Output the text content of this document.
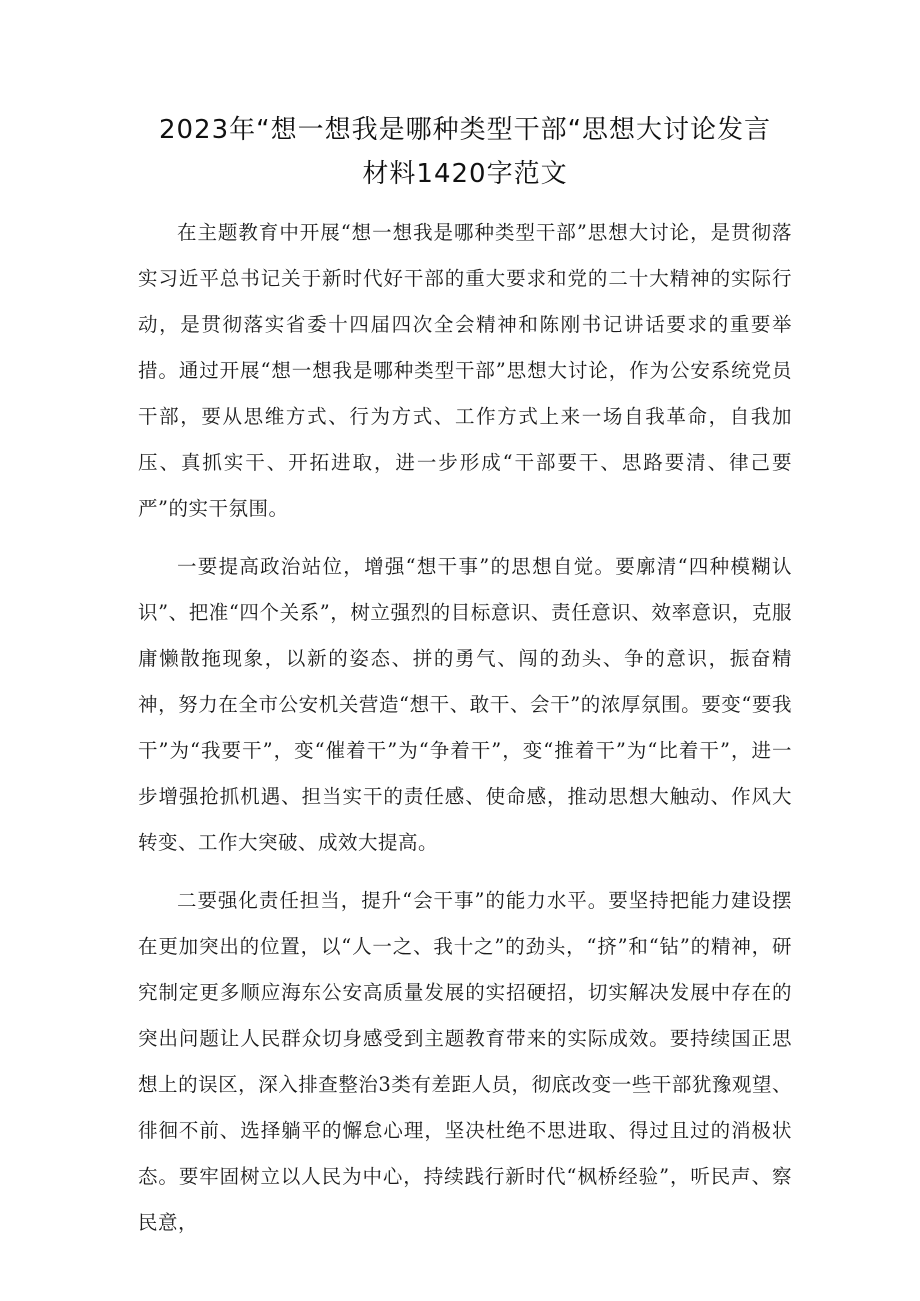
2023年“想一想我是哪种类型干部“思想大讨论发言
材料1420字范文

在主题教育中开展“想一想我是哪种类型干部”思想大讨论，是贯彻落实习近平总书记关于新时代好干部的重大要求和党的二十大精神的实际行动，是贯彻落实省委十四届四次全会精神和陈刚书记讲话要求的重要举措。通过开展“想一想我是哪种类型干部”思想大讨论，作为公安系统党员干部，要从思维方式、行为方式、工作方式上来一场自我革命，自我加压、真抓实干、开拓进取，进一步形成“干部要干、思路要清、律己要严”的实干氛围。

一要提高政治站位，增强“想干事”的思想自觉。要廓清“四种模糊认识”、把准“四个关系”，树立强烈的目标意识、责任意识、效率意识，克服庸懒散拖现象，以新的姿态、拼的勇气、闯的劲头、争的意识，振奋精神，努力在全市公安机关营造“想干、敢干、会干”的浓厚氛围。要变“要我干”为“我要干”，变“催着干”为“争着干”，变“推着干”为“比着干”，进一步增强抢抓机遇、担当实干的责任感、使命感，推动思想大触动、作风大转变、工作大突破、成效大提高。

二要强化责任担当，提升“会干事”的能力水平。要坚持把能力建设摆在更加突出的位置，以“人一之、我十之”的劲头，“挤”和“钻”的精神，研究制定更多顺应海东公安高质量发展的实招硬招，切实解决发展中存在的突出问题让人民群众切身感受到主题教育带来的实际成效。要持续国正思想上的误区，深入排查整治3类有差距人员，彻底改变一些干部犹豫观望、徘徊不前、选择躺平的懈怠心理，坚决杜绝不思进取、得过且过的消极状态。要牢固树立以人民为中心，持续践行新时代“枫桥经验”，听民声、察民意，
